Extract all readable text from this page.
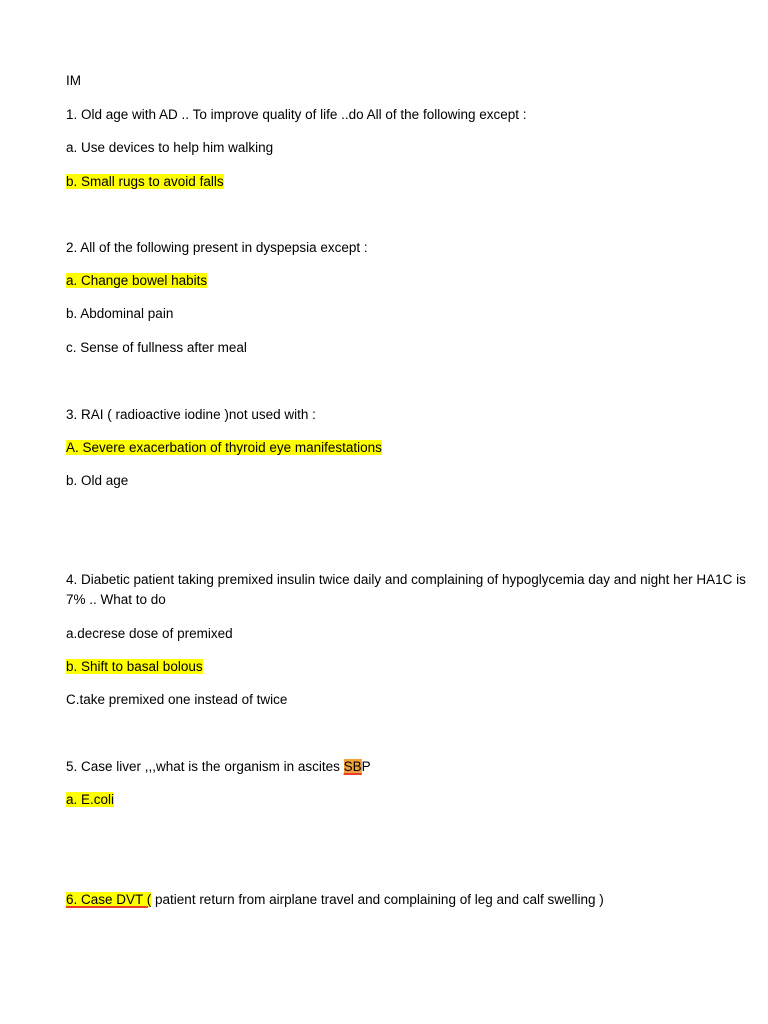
IM
1. Old age with AD .. To improve quality of life ..do All of the following except :
a. Use devices to help him walking
b. Small rugs to avoid falls
2. All of the following present in dyspepsia except :
a. Change bowel habits
b. Abdominal pain
c. Sense of fullness after meal
3. RAI ( radioactive iodine )not used with :
A. Severe exacerbation of thyroid eye manifestations
b. Old age
4. Diabetic patient taking premixed insulin twice daily and complaining of hypoglycemia day and night her HA1C is 7% .. What to do
a.decrese dose of premixed
b. Shift to basal bolous
C.take premixed one instead of twice
5. Case liver ,,,what is the organism in ascites SBP
a. E.coli
6. Case DVT ( patient return from airplane travel and complaining of leg and calf swelling )
